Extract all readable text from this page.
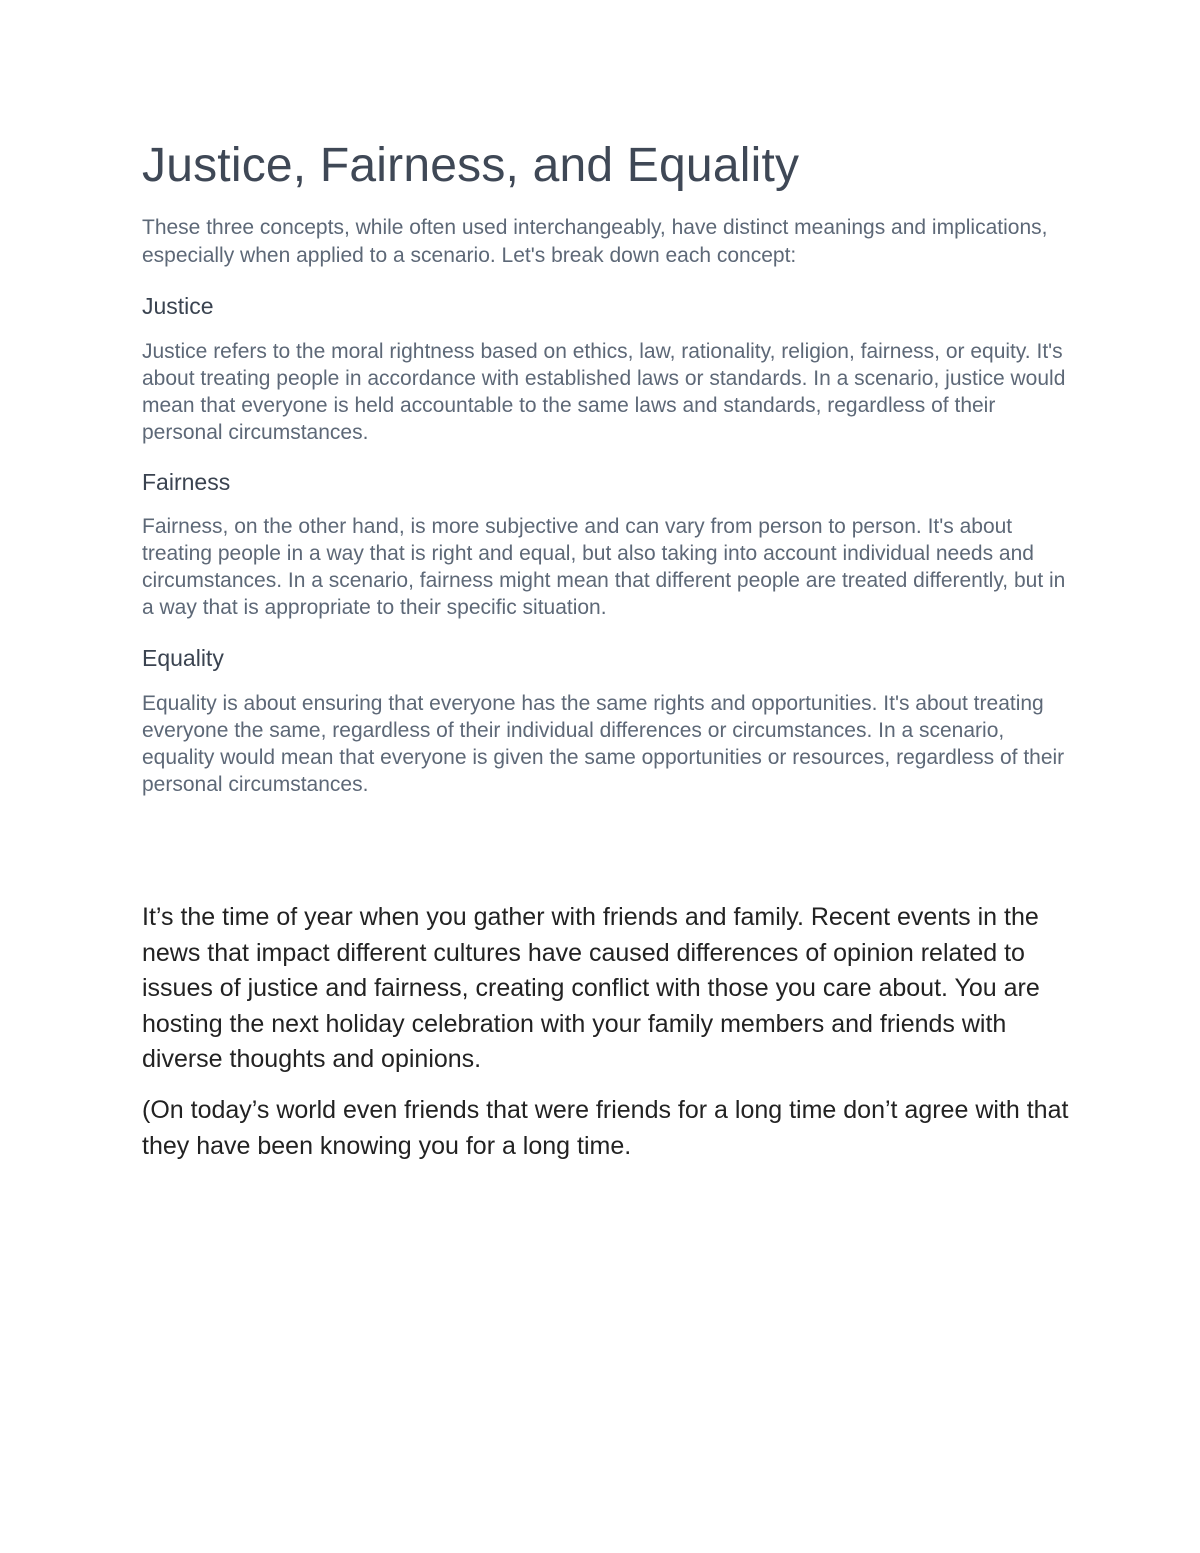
Justice, Fairness, and Equality

These three concepts, while often used interchangeably, have distinct meanings and implications, especially when applied to a scenario. Let's break down each concept:

Justice

Justice refers to the moral rightness based on ethics, law, rationality, religion, fairness, or equity. It's about treating people in accordance with established laws or standards. In a scenario, justice would mean that everyone is held accountable to the same laws and standards, regardless of their personal circumstances.

Fairness

Fairness, on the other hand, is more subjective and can vary from person to person. It's about treating people in a way that is right and equal, but also taking into account individual needs and circumstances. In a scenario, fairness might mean that different people are treated differently, but in a way that is appropriate to their specific situation.

Equality

Equality is about ensuring that everyone has the same rights and opportunities. It's about treating everyone the same, regardless of their individual differences or circumstances. In a scenario, equality would mean that everyone is given the same opportunities or resources, regardless of their personal circumstances.

It’s the time of year when you gather with friends and family. Recent events in the news that impact different cultures have caused differences of opinion related to issues of justice and fairness, creating conflict with those you care about. You are hosting the next holiday celebration with your family members and friends with diverse thoughts and opinions.

(On today’s world even friends that were friends for a long time don’t agree with that they have been knowing you for a long time.
